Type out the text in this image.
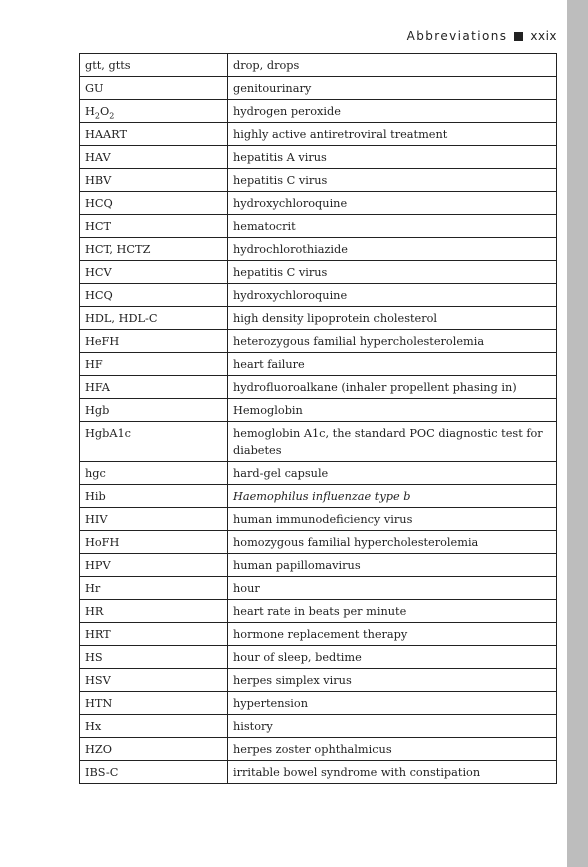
Abbreviations xxix
gtt, gtts	drop, drops
GU	genitourinary
$H_2O_2$	hydrogen peroxide
HAART	highly active antiretroviral treatment
HAV	hepatitis A virus
HBV	hepatitis C virus
HCQ	hydroxychloroquine
HCT	hematocrit
HCT, HCTZ	hydrochlorothiazide
HCV	hepatitis C virus
HCQ	hydroxychloroquine
HDL, HDL-C	high density lipoprotein cholesterol
HeFH	heterozygous familial hypercholesterolemia
HF	heart failure
HFA	hydrofluoroalkane (inhaler propellent phasing in)
Hgb	Hemoglobin
HgbA1c	hemoglobin A1c, the standard POC diagnostic test for diabetes
hgc	hard-gel capsule
Hib	Haemophilus influenzae type b
HIV	human immunodeficiency virus
HoFH	homozygous familial hypercholesterolemia
HPV	human papillomavirus
Hr	hour
HR	heart rate in beats per minute
HRT	hormone replacement therapy
HS	hour of sleep, bedtime
HSV	herpes simplex virus
HTN	hypertension
Hx	history
HZO	herpes zoster ophthalmicus
IBS-C	irritable bowel syndrome with constipation
